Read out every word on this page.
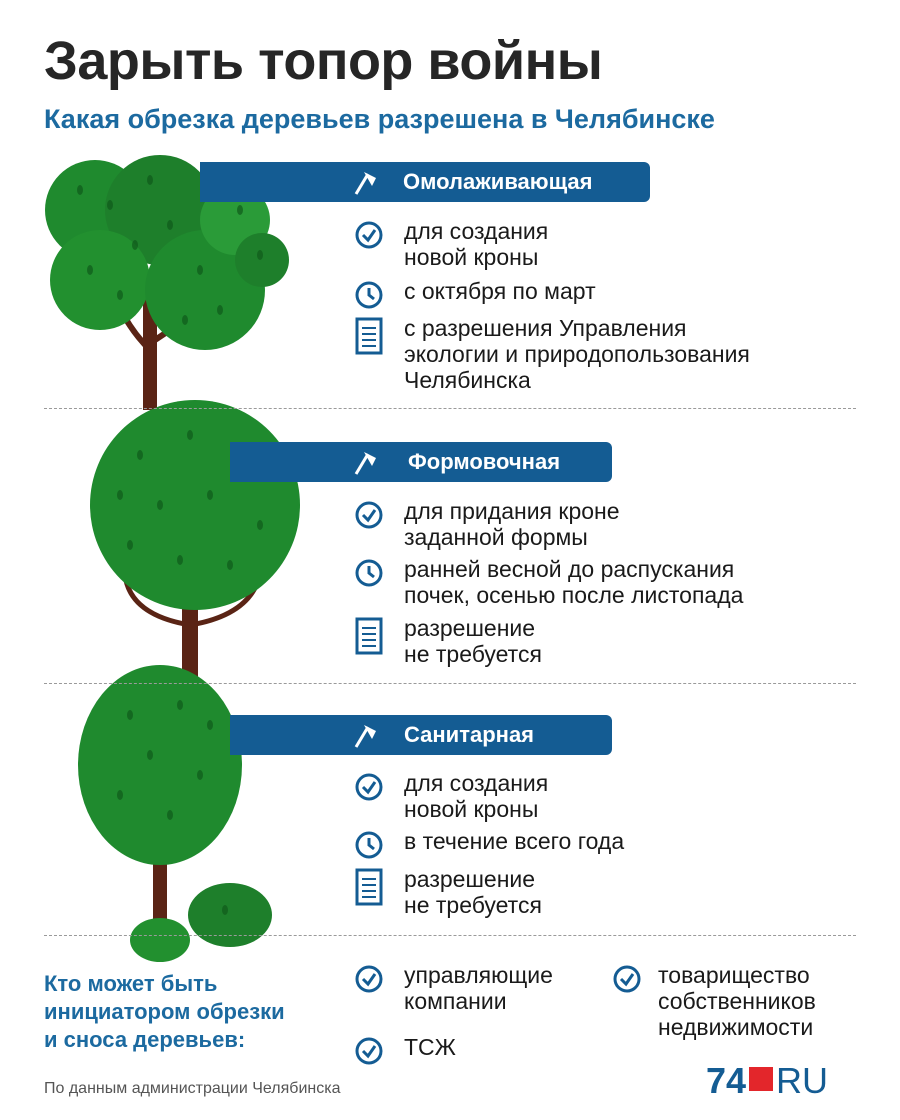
Зарыть топор войны
Какая обрезка деревьев разрешена в Челябинске
Омолаживающая
для создания
новой кроны
с октября по март
с разрешения Управления
экологии и природопользования
Челябинска
Формовочная
для придания кроне
заданной формы
ранней весной до распускания
почек, осенью после листопада
разрешение
не требуется
Санитарная
для создания
новой кроны
в течение всего года
разрешение
не требуется
Кто может быть
инициатором обрезки
и сноса деревьев:
управляющие
компании
товарищество
собственников
недвижимости
ТСЖ
По данным администрации Челябинска	74 RU
